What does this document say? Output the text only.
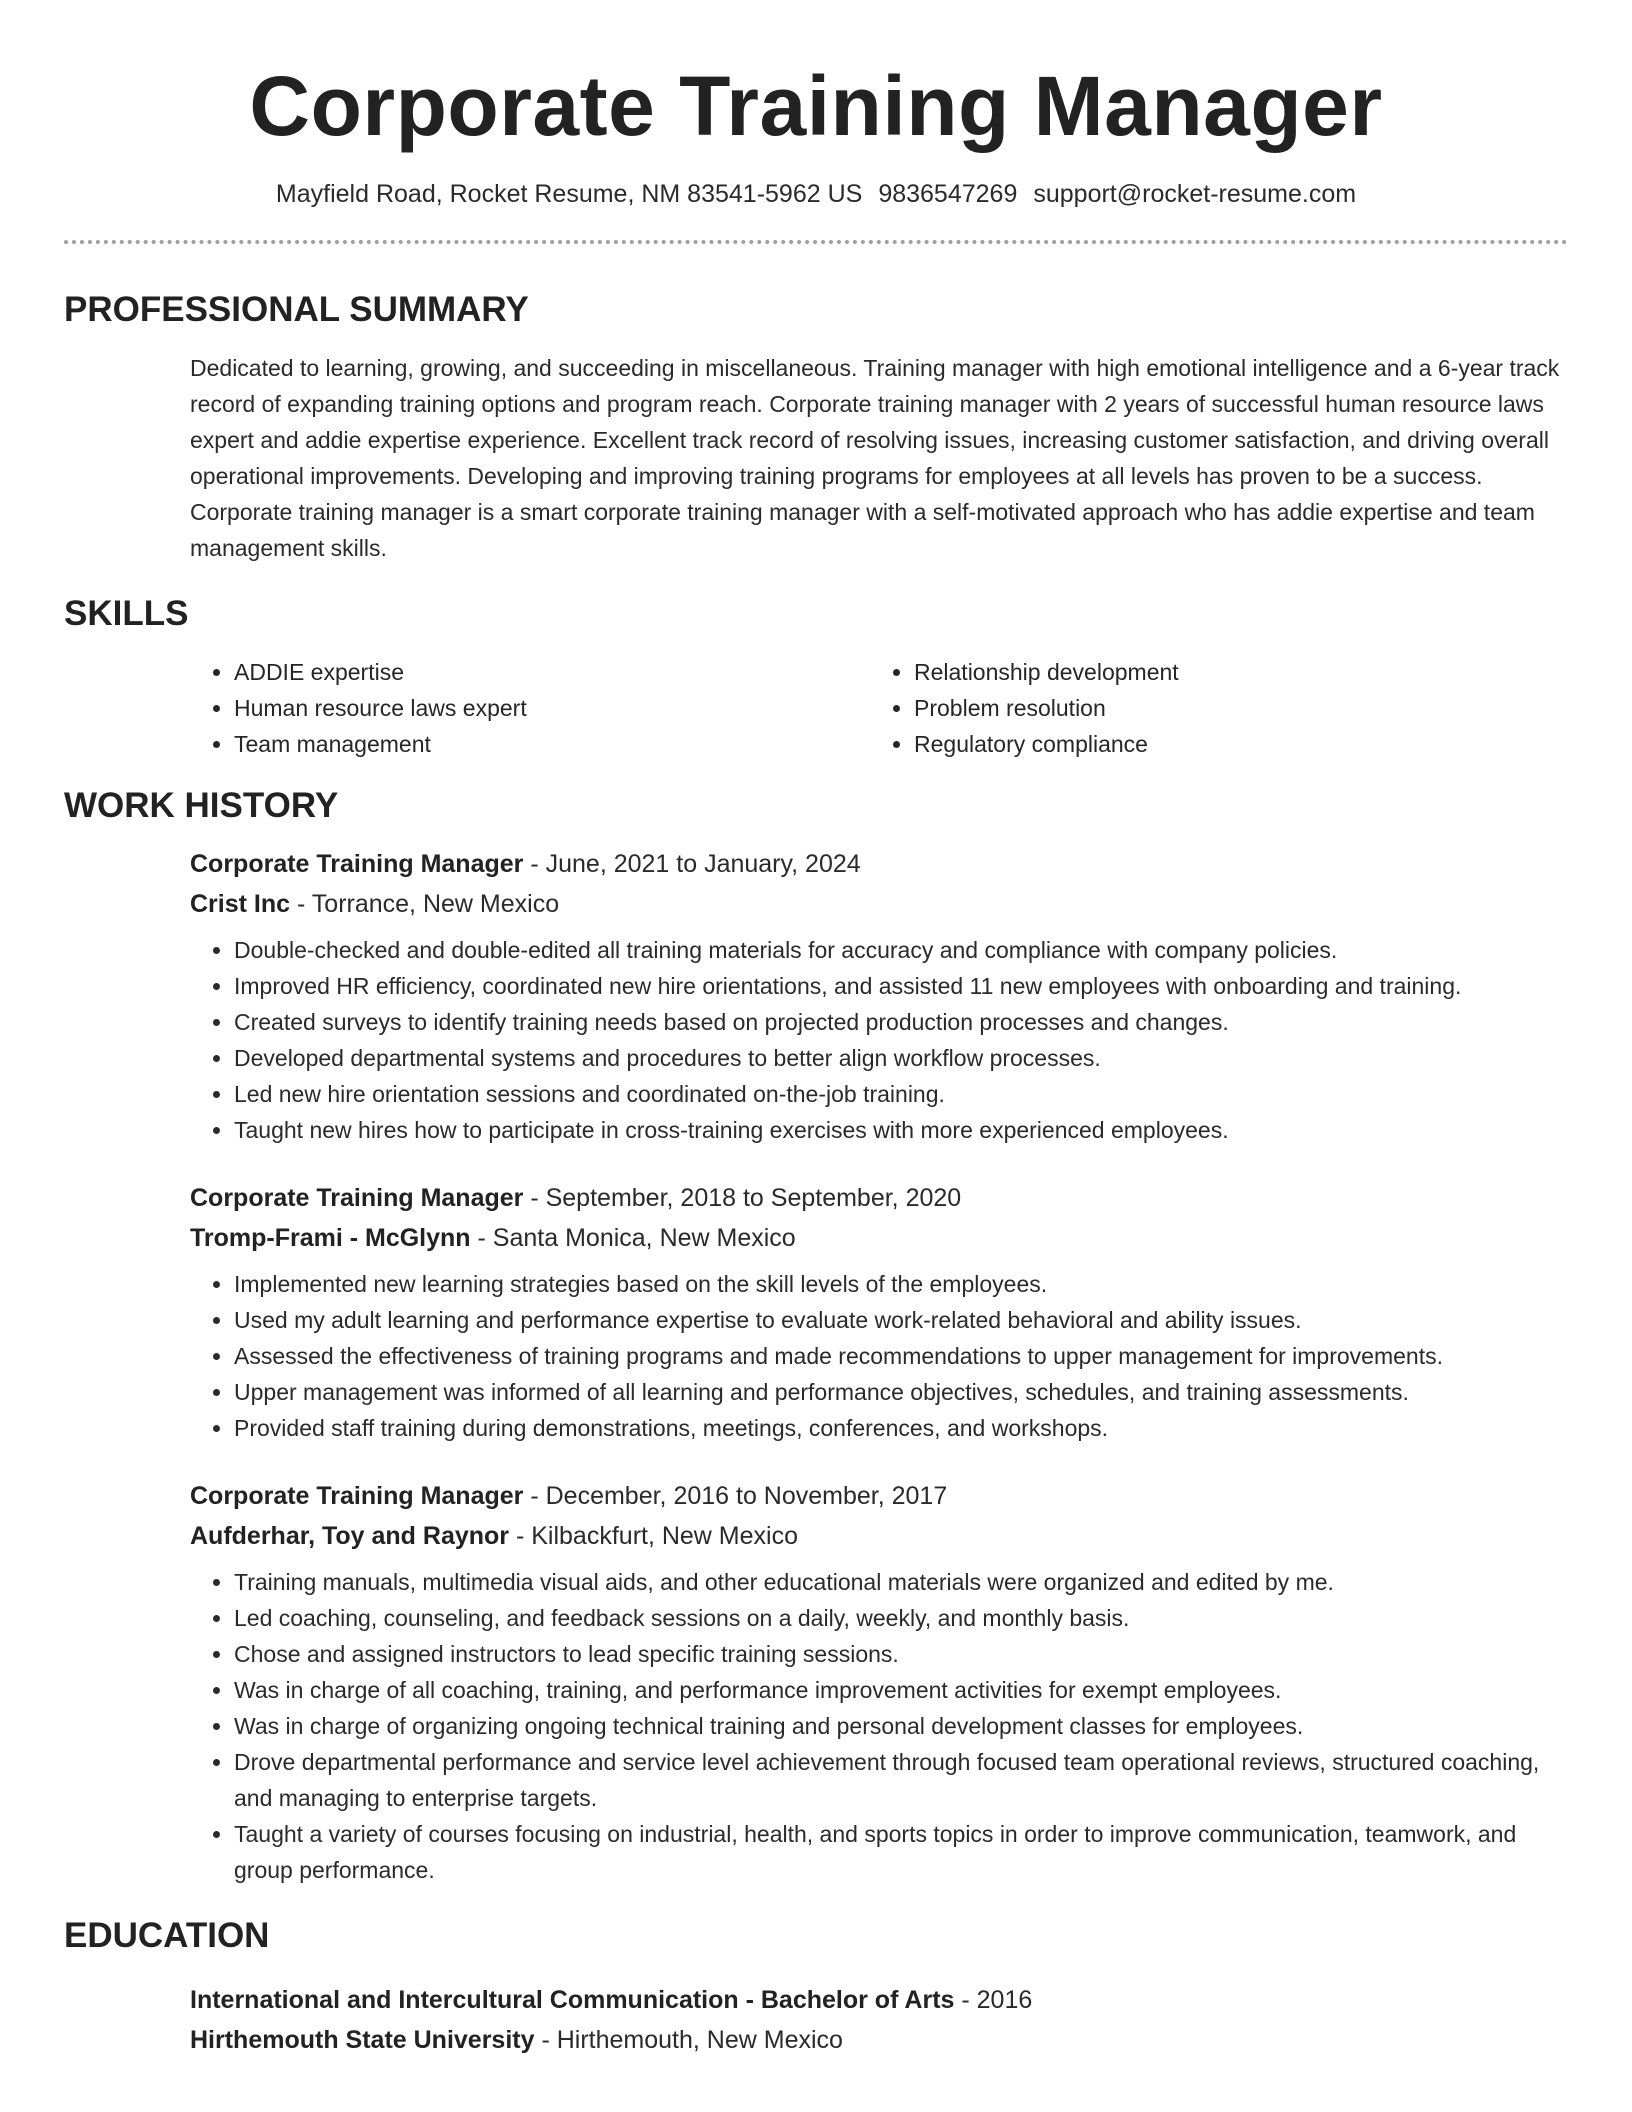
Corporate Training Manager
Mayfield Road, Rocket Resume, NM 83541-5962 US 9836547269 support@rocket-resume.com
PROFESSIONAL SUMMARY

Dedicated to learning, growing, and succeeding in miscellaneous. Training manager with high emotional intelligence and a 6-year track record of expanding training options and program reach. Corporate training manager with 2 years of successful human resource laws expert and addie expertise experience. Excellent track record of resolving issues, increasing customer satisfaction, and driving overall operational improvements. Developing and improving training programs for employees at all levels has proven to be a success. Corporate training manager is a smart corporate training manager with a self-motivated approach who has addie expertise and team management skills.

SKILLS
• ADDIE expertise
• Human resource laws expert
• Team management
• Relationship development
• Problem resolution
• Regulatory compliance
WORK HISTORY
Corporate Training Manager - June, 2021 to January, 2024
Crist Inc - Torrance, New Mexico
• Double-checked and double-edited all training materials for accuracy and compliance with company policies.
• Improved HR efficiency, coordinated new hire orientations, and assisted 11 new employees with onboarding and training.
• Created surveys to identify training needs based on projected production processes and changes.
• Developed departmental systems and procedures to better align workflow processes.
• Led new hire orientation sessions and coordinated on-the-job training.
• Taught new hires how to participate in cross-training exercises with more experienced employees.
Corporate Training Manager - September, 2018 to September, 2020
Tromp-Frami - McGlynn - Santa Monica, New Mexico
• Implemented new learning strategies based on the skill levels of the employees.
• Used my adult learning and performance expertise to evaluate work-related behavioral and ability issues.
• Assessed the effectiveness of training programs and made recommendations to upper management for improvements.
• Upper management was informed of all learning and performance objectives, schedules, and training assessments.
• Provided staff training during demonstrations, meetings, conferences, and workshops.
Corporate Training Manager - December, 2016 to November, 2017
Aufderhar, Toy and Raynor - Kilbackfurt, New Mexico
• Training manuals, multimedia visual aids, and other educational materials were organized and edited by me.
• Led coaching, counseling, and feedback sessions on a daily, weekly, and monthly basis.
• Chose and assigned instructors to lead specific training sessions.
• Was in charge of all coaching, training, and performance improvement activities for exempt employees.
• Was in charge of organizing ongoing technical training and personal development classes for employees.
• Drove departmental performance and service level achievement through focused team operational reviews, structured coaching, and managing to enterprise targets.
• Taught a variety of courses focusing on industrial, health, and sports topics in order to improve communication, teamwork, and group performance.
EDUCATION
International and Intercultural Communication - Bachelor of Arts - 2016
Hirthemouth State University - Hirthemouth, New Mexico
